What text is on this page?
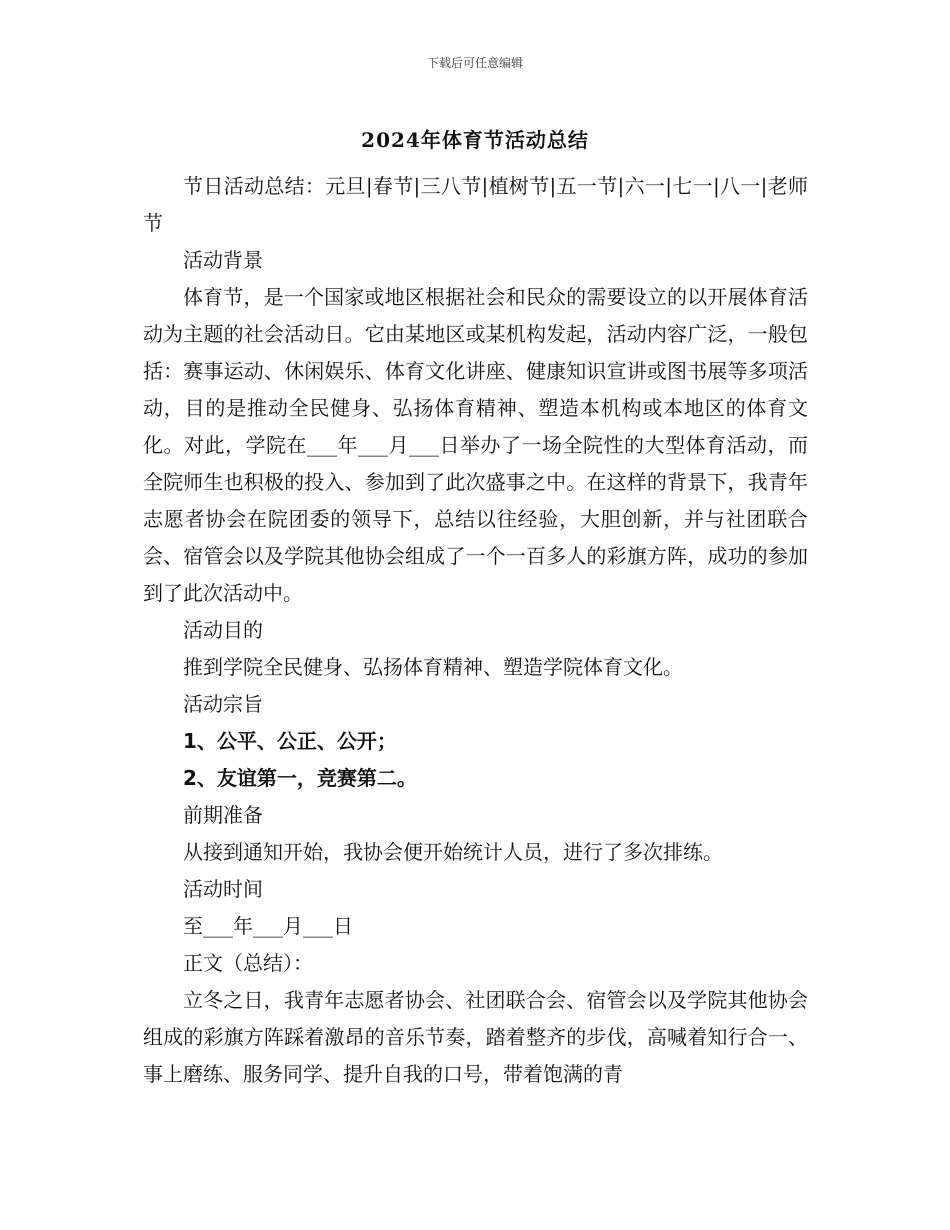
下载后可任意编辑
2024年体育节活动总结

节日活动总结：元旦|春节|三八节|植树节|五一节|六一|七一|八一|老师节

活动背景

体育节，是一个国家或地区根据社会和民众的需要设立的以开展体育活动为主题的社会活动日。它由某地区或某机构发起，活动内容广泛，一般包括：赛事运动、休闲娱乐、体育文化讲座、健康知识宣讲或图书展等多项活动，目的是推动全民健身、弘扬体育精神、塑造本机构或本地区的体育文化。对此，学院在___年___月___日举办了一场全院性的大型体育活动，而全院师生也积极的投入、参加到了此次盛事之中。在这样的背景下，我青年志愿者协会在院团委的领导下，总结以往经验，大胆创新，并与社团联合会、宿管会以及学院其他协会组成了一个一百多人的彩旗方阵，成功的参加到了此次活动中。

活动目的

推到学院全民健身、弘扬体育精神、塑造学院体育文化。

活动宗旨

1、公平、公正、公开；

2、友谊第一，竞赛第二。

前期准备

从接到通知开始，我协会便开始统计人员，进行了多次排练。

活动时间

至___年___月___日

正文（总结）：

立冬之日，我青年志愿者协会、社团联合会、宿管会以及学院其他协会组成的彩旗方阵踩着激昂的音乐节奏，踏着整齐的步伐，高喊着知行合一、事上磨练、服务同学、提升自我的口号，带着饱满的青
